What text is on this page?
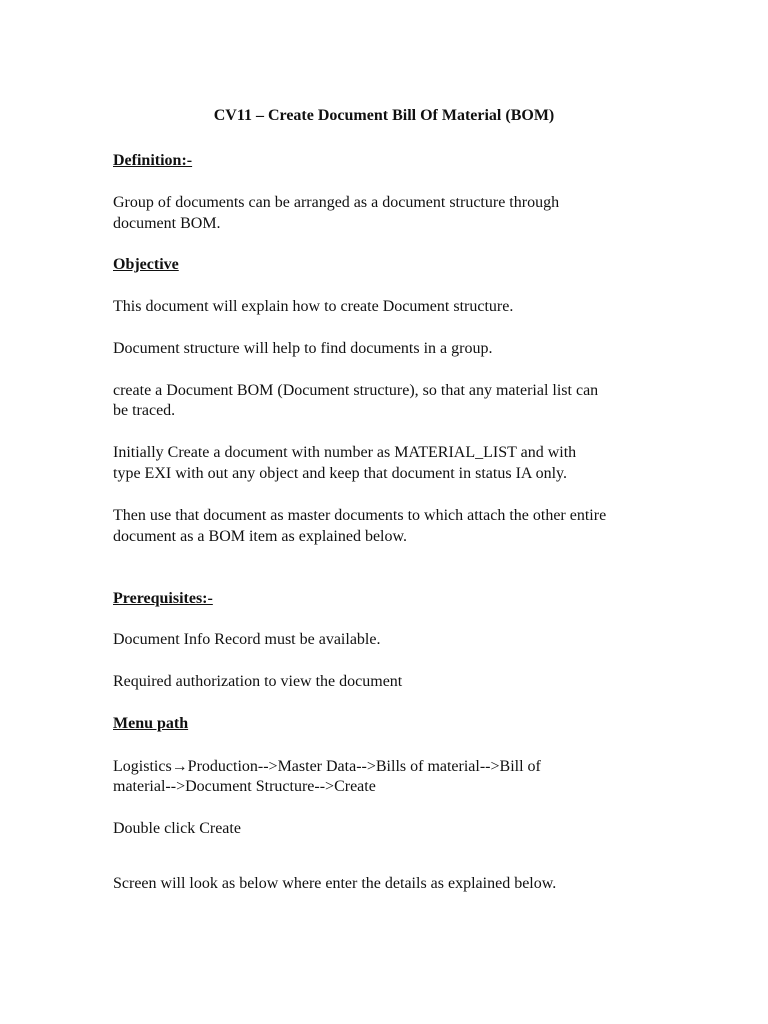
CV11 – Create Document Bill Of Material (BOM)

Definition:-

Group of documents can be arranged as a document structure through

document BOM.

Objective

This document will explain how to create Document structure.

Document structure will help to find documents in a group.

create a Document BOM (Document structure), so that any material list can

be traced.

Initially Create a document with number as MATERIAL_LIST and with

type EXI with out any object and keep that document in status IA only.

Then use that document as master documents to which attach the other entire

document as a BOM item as explained below.

Prerequisites:-

Document Info Record must be available.

Required authorization to view the document

Menu path

Logistics→Production-->Master Data-->Bills of material-->Bill of

material-->Document Structure-->Create

Double click Create

Screen will look as below where enter the details as explained below.
